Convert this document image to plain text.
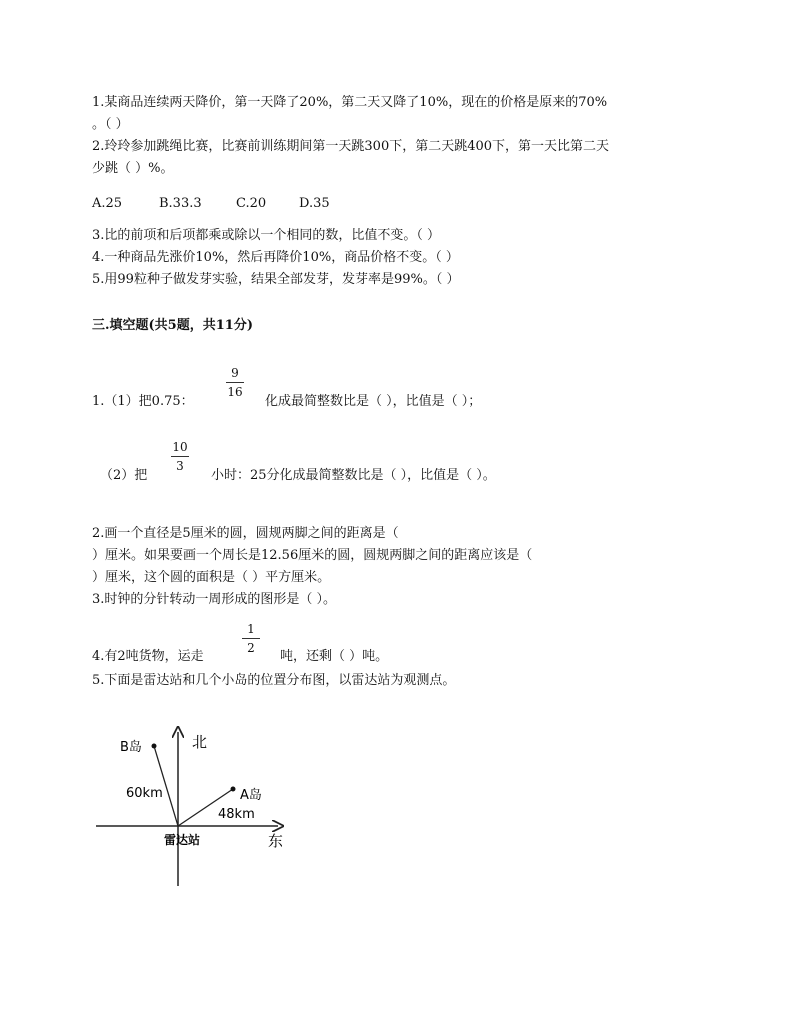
1.某商品连续两天降价，第一天降了20%，第二天又降了10%，现在的价格是原来的70%
。（ ）
2.玲玲参加跳绳比赛，比赛前训练期间第一天跳300下，第二天跳400下，第一天比第二天
少跳（ ）%。
A.25	B.33.3	C.20	D.35
3.比的前项和后项都乘或除以一个相同的数，比值不变。（ ）
4.一种商品先涨价10%，然后再降价10%，商品价格不变。（ ）
5.用99粒种子做发芽实验，结果全部发芽，发芽率是99%。（ ）
三.填空题(共5题，共11分)
1.（1）把0.75：
9
16
化成最简整数比是（ ），比值是（ ）；
10
3
（2）把	小时：25分化成最简整数比是（ ），比值是（ ）。
2.画一个直径是5厘米的圆，圆规两脚之间的距离是（
）厘米。如果要画一个周长是12.56厘米的圆，圆规两脚之间的距离应该是（
）厘米，这个圆的面积是（ ）平方厘米。
3.时钟的分针转动一周形成的图形是（ ）。
1
2
4.有2吨货物，运走	吨，还剩（ ）吨。
5.下面是雷达站和几个小岛的位置分布图，以雷达站为观测点。
北
东
B岛
A岛
60km
48km
雷达站
